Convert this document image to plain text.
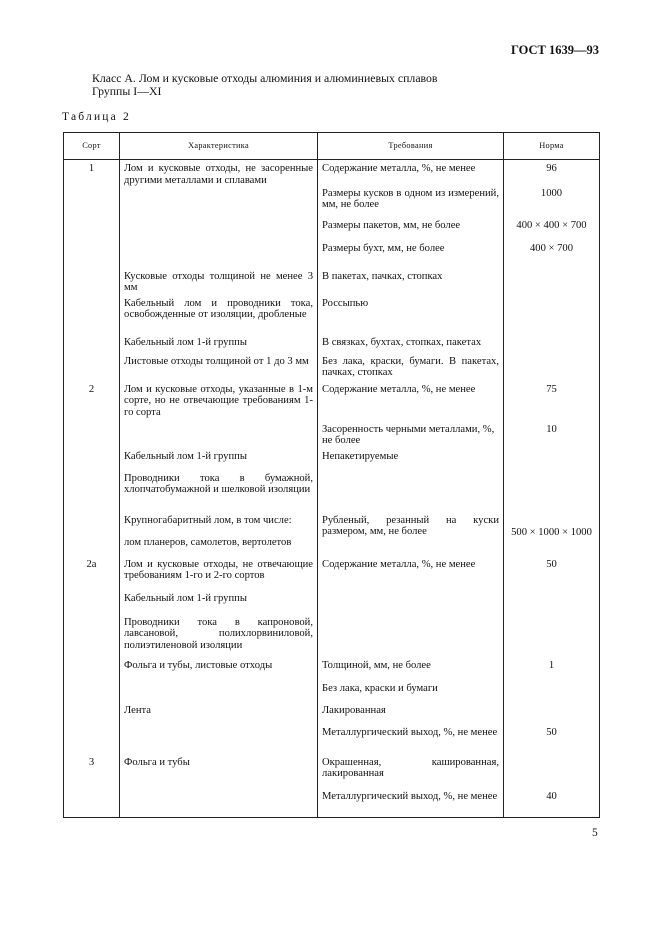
ГОСТ 1639—93
Класс А. Лом и кусковые отходы алюминия и алюминиевых сплавов
Группы I—XI
Таблица 2
Сорт	Характеристика	Требования	Норма
1	Лом и кусковые отходы, не засоренные другими металлами и сплавами	Содержание металла, %, не менее	96
		Размеры кусков в одном из измерений, мм, не более	1000
		Размеры пакетов, мм, не более	400 × 400 × 700
		Размеры бухт, мм, не более	400 × 700
	Кусковые отходы толщиной не менее 3 мм	В пакетах, пачках, стопках	
	Кабельный лом и проводники тока, освобожденные от изоляции, дробленые	Россыпью	
	Кабельный лом 1-й группы	В связках, бухтах, стопках, пакетах	
	Листовые отходы толщиной от 1 до 3 мм	Без лака, краски, бумаги. В пакетах, пачках, стопках	
2	Лом и кусковые отходы, указанные в 1-м сорте, но не отвечающие требованиям 1-го сорта	Содержание металла, %, не менее	75
		Засоренность черными металлами, %, не более	10
	Кабельный лом 1-й группы	Непакетируемые	
	Проводники тока в бумажной, хлопчатобумажной и шелковой изоляции		
	Крупногабаритный лом, в том числе:	Рубленый, резанный на куски размером, мм, не более	500 × 1000 × 1000
	лом планеров, самолетов, вертолетов		
2а	Лом и кусковые отходы, не отвечающие требованиям 1-го и 2-го сортов	Содержание металла, %, не менее	50
	Кабельный лом 1-й группы		
	Проводники тока в капроновой, лавсановой, полихлорвиниловой, полиэтиленовой изоляции		
	Фольга и тубы, листовые отходы	Толщиной, мм, не более	1
		Без лака, краски и бумаги	
	Лента	Лакированная	
		Металлургический выход, %, не менее	50
3	Фольга и тубы	Окрашенная, кашированная, лакированная	
		Металлургический выход, %, не менее	40
5
